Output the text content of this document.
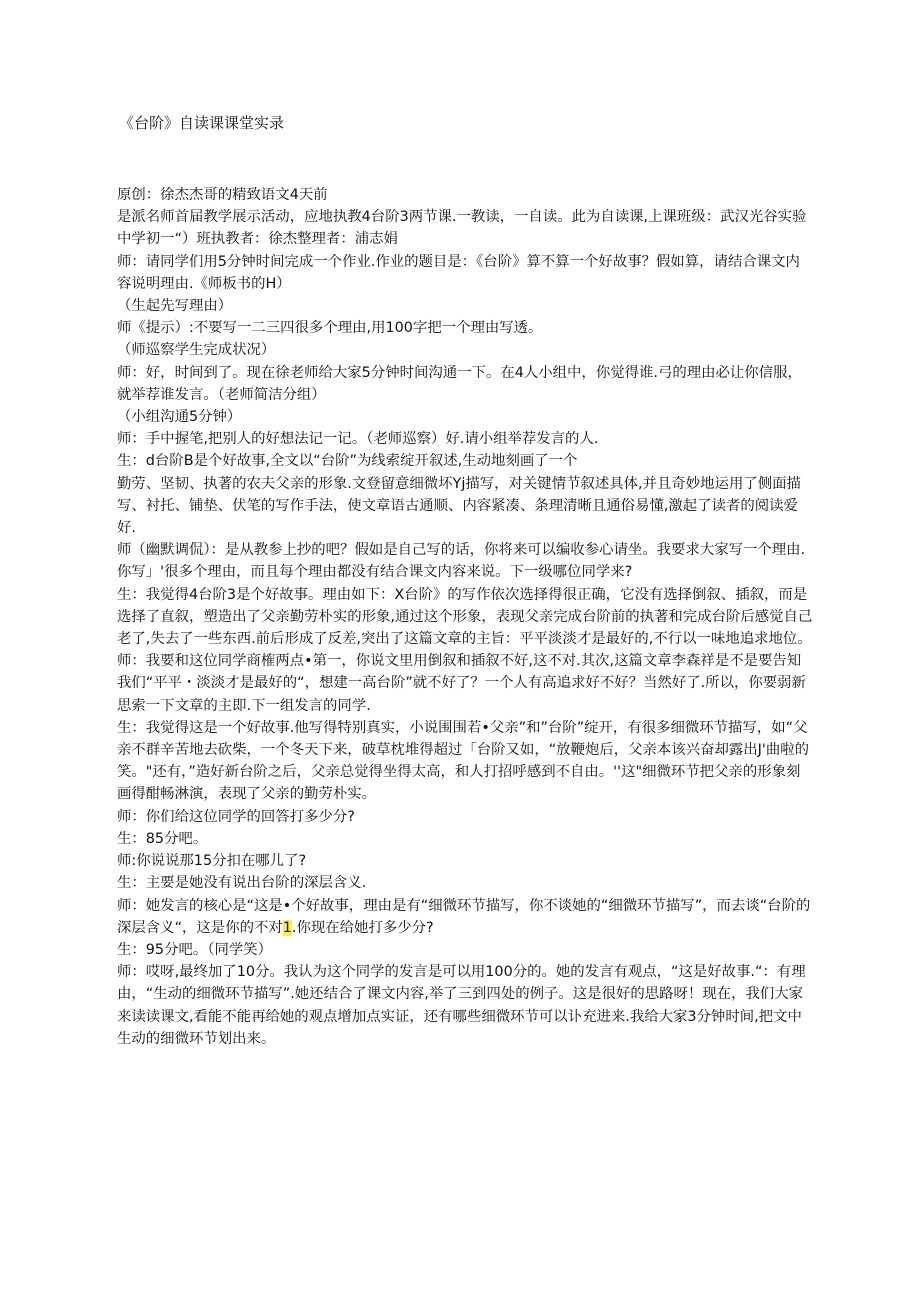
《台阶》自读课课堂实录

原创：徐杰杰哥的精致语文4天前

是派名师首届教学展示活动，应地执教4台阶3两节课.一教读，一自读。此为自读课,上课班级：武汉光谷实验中学初一“）班执教者：徐杰整理者：浦志娟

师：请同学们用5分钟时间完成一个作业.作业的题目是：《台阶》算不算一个好故事？假如算，请结合课文内容说明理由.《师板书的H）

（生起先写理由）

师《提示）:不要写一二三四很多个理由,用100字把一个理由写透。

（师巡察学生完成状况）

师：好，时间到了。现在徐老师给大家5分钟时间沟通一下。在4人小组中，你觉得谁.弓的理由必让你信服，就举荐谁发言。（老师简洁分组）

（小组沟通5分钟）

师：手中握笔,把别人的好想法记一记。（老师巡察）好.请小组举荐发言的人.

生：d台阶B是个好故事,全文以“台阶”为线索绽开叙述,生动地刻画了一个

勤劳、坚韧、执著的农夫父亲的形象.文登留意细微坏Yj描写，对关键情节叙述具体,并且奇妙地运用了侧面描写、衬托、铺垫、伏笔的写作手法，使文章语古通顺、内容紧凑、条理清晰且通俗易懂,激起了读者的阅读爱好.

师（幽默调侃）：是从教参上抄的吧？假如是自己写的话，你将来可以编收参心请坐。我要求大家写一个理由.你写」'很多个理由，而且每个理由都没有结合课文内容来说。下一级哪位同学来?

生：我觉得4台阶3是个好故事。理由如下：X台阶》的写作依次选择得很正确，它没有选择倒叙、插叙，而是选择了直叙，塑造出了父亲勤劳朴实的形象,通过这个形象，表现父亲完成台阶前的执著和完成台阶后感觉自己老了,失去了一些东西.前后形成了反差,突出了这篇文章的主旨：平平淡淡才是最好的,不行以一味地追求地位。

师：我要和这位同学商榷两点•第一，你说文里用倒叙和插叙不好,这不对.其次,这篇文章李森祥是不是要告知我们“平平・淡淡才是最好的“，想建一高台阶”就不好了？一个人有高追求好不好？当然好了.所以，你要弱新思索一下文章的主即.下一组发言的同学.

生：我觉得这是一个好故事.他写得特别真实，小说围围若•父亲”和”台阶”绽开，有很多细微环节描写，如“父亲不群辛苦地去砍柴，一个冬天下来，破草枕堆得超过「台阶又如，“放鞭炮后，父亲本该兴奋却露出J'曲啦的笑。"还有，”造好新台阶之后，父亲总觉得坐得太高，和人打招呼感到不自由。''这"细微环节把父亲的形象刻画得酣畅淋演，表现了父亲的勤劳朴实。

师：你们给这位同学的回答打多少分?

生：85分吧。

师:你说说那15分扣在哪儿了?

生：主要是她没有说出台阶的深层含义.

师：她发言的核心是“这是•个好故事，理由是有“细微环节描写，你不谈她的“细微环节描写”，而去谈“台阶的深层含义“，这是你的不对1.你现在给她打多少分?

生：95分吧。（同学笑）

师：哎呀,最终加了10分。我认为这个同学的发言是可以用100分的。她的发言有观点，“这是好故事.“：有理由，“生动的细微环节描写”.她还结合了课文内容,举了三到四处的例子。这是很好的思路呀！现在，我们大家来读读课文,看能不能再给她的观点增加点实证，还有哪些细微环节可以讣充进来.我给大家3分钟时间,把文中生动的细微环节划出来。
